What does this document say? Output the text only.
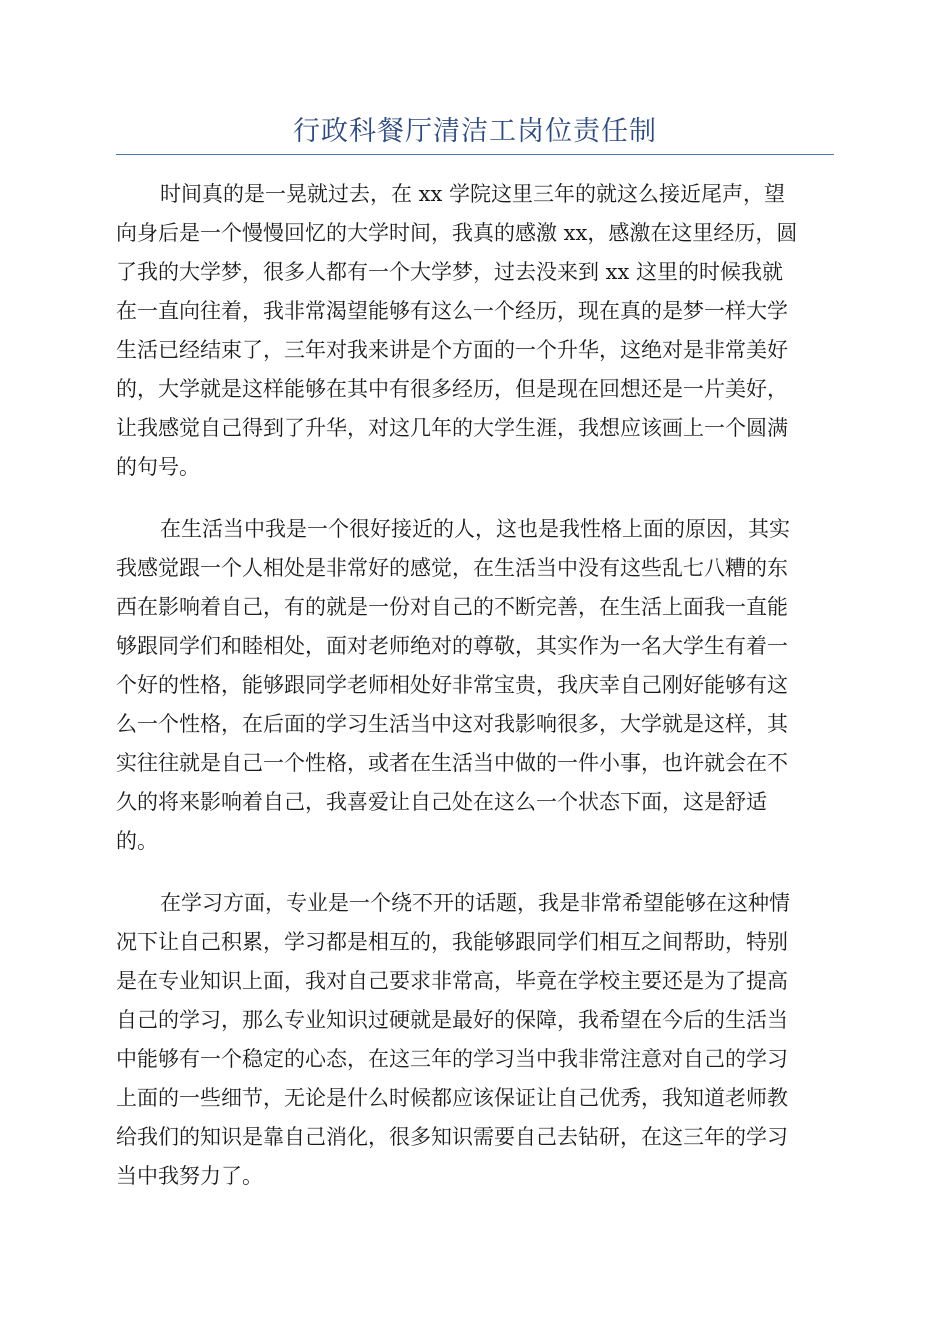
行政科餐厅清洁工岗位责任制
时间真的是一晃就过去，在 xx 学院这里三年的就这么接近尾声，望
向身后是一个慢慢回忆的大学时间，我真的感激 xx，感激在这里经历，圆
了我的大学梦，很多人都有一个大学梦，过去没来到 xx 这里的时候我就
在一直向往着，我非常渴望能够有这么一个经历，现在真的是梦一样大学
生活已经结束了，三年对我来讲是个方面的一个升华，这绝对是非常美好
的，大学就是这样能够在其中有很多经历，但是现在回想还是一片美好，
让我感觉自己得到了升华，对这几年的大学生涯，我想应该画上一个圆满
的句号。
在生活当中我是一个很好接近的人，这也是我性格上面的原因，其实
我感觉跟一个人相处是非常好的感觉，在生活当中没有这些乱七八糟的东
西在影响着自己，有的就是一份对自己的不断完善，在生活上面我一直能
够跟同学们和睦相处，面对老师绝对的尊敬，其实作为一名大学生有着一
个好的性格，能够跟同学老师相处好非常宝贵，我庆幸自己刚好能够有这
么一个性格，在后面的学习生活当中这对我影响很多，大学就是这样，其
实往往就是自己一个性格，或者在生活当中做的一件小事，也许就会在不
久的将来影响着自己，我喜爱让自己处在这么一个状态下面，这是舒适
的。
在学习方面，专业是一个绕不开的话题，我是非常希望能够在这种情
况下让自己积累，学习都是相互的，我能够跟同学们相互之间帮助，特别
是在专业知识上面，我对自己要求非常高，毕竟在学校主要还是为了提高
自己的学习，那么专业知识过硬就是最好的保障，我希望在今后的生活当
中能够有一个稳定的心态，在这三年的学习当中我非常注意对自己的学习
上面的一些细节，无论是什么时候都应该保证让自己优秀，我知道老师教
给我们的知识是靠自己消化，很多知识需要自己去钻研，在这三年的学习
当中我努力了。
